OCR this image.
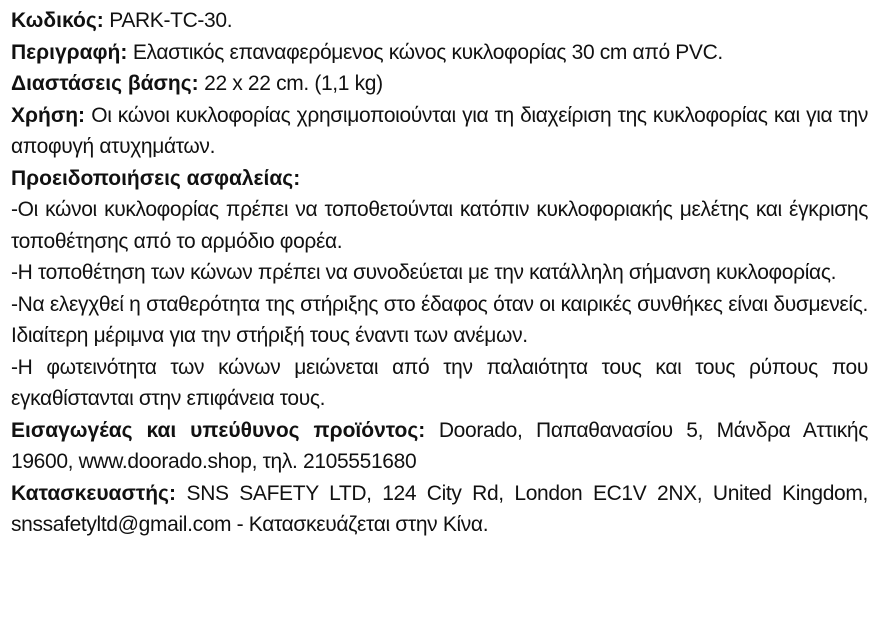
Κωδικός: PARK-TC-30.

Περιγραφή: Ελαστικός επαναφερόμενος κώνος κυκλοφορίας 30 cm από PVC.

Διαστάσεις βάσης: 22 x 22 cm. (1,1 kg)

Χρήση: Οι κώνοι κυκλοφορίας χρησιμοποιούνται για τη διαχείριση της κυκλοφορίας και για την αποφυγή ατυχημάτων.

Προειδοποιήσεις ασφαλείας:

-Οι κώνοι κυκλοφορίας πρέπει να τοποθετούνται κατόπιν κυκλοφοριακής μελέτης και έγκρισης τοποθέτησης από το αρμόδιο φορέα.

-Η τοποθέτηση των κώνων πρέπει να συνοδεύεται με την κατάλληλη σήμανση κυκλοφορίας.

-Να ελεγχθεί η σταθερότητα της στήριξης στο έδαφος όταν οι καιρικές συνθήκες είναι δυσμενείς. Ιδιαίτερη μέριμνα για την στήριξή τους έναντι των ανέμων.

-Η φωτεινότητα των κώνων μειώνεται από την παλαιότητα τους και τους ρύπους που εγκαθίστανται στην επιφάνεια τους.

Εισαγωγέας και υπεύθυνος προϊόντος: Doorado, Παπαθανασίου 5, Μάνδρα Αττικής 19600, www.doorado.shop, τηλ. 2105551680

Κατασκευαστής: SNS SAFETY LTD, 124 City Rd, London EC1V 2NX, United Kingdom, snssafetyltd@gmail.com - Κατασκευάζεται στην Κίνα.
